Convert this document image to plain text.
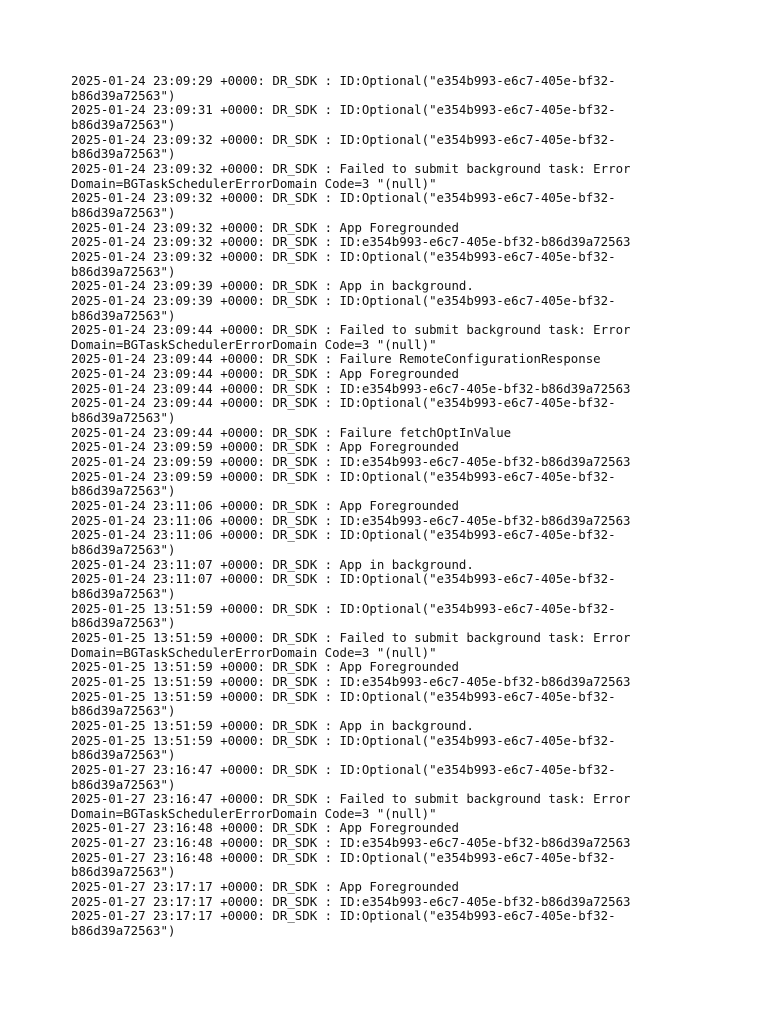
2025-01-24 23:09:29 +0000: DR_SDK : ID:Optional("e354b993-e6c7-405e-bf32-
b86d39a72563")
2025-01-24 23:09:31 +0000: DR_SDK : ID:Optional("e354b993-e6c7-405e-bf32-
b86d39a72563")
2025-01-24 23:09:32 +0000: DR_SDK : ID:Optional("e354b993-e6c7-405e-bf32-
b86d39a72563")
2025-01-24 23:09:32 +0000: DR_SDK : Failed to submit background task: Error
Domain=BGTaskSchedulerErrorDomain Code=3 "(null)"
2025-01-24 23:09:32 +0000: DR_SDK : ID:Optional("e354b993-e6c7-405e-bf32-
b86d39a72563")
2025-01-24 23:09:32 +0000: DR_SDK : App Foregrounded
2025-01-24 23:09:32 +0000: DR_SDK : ID:e354b993-e6c7-405e-bf32-b86d39a72563
2025-01-24 23:09:32 +0000: DR_SDK : ID:Optional("e354b993-e6c7-405e-bf32-
b86d39a72563")
2025-01-24 23:09:39 +0000: DR_SDK : App in background.
2025-01-24 23:09:39 +0000: DR_SDK : ID:Optional("e354b993-e6c7-405e-bf32-
b86d39a72563")
2025-01-24 23:09:44 +0000: DR_SDK : Failed to submit background task: Error
Domain=BGTaskSchedulerErrorDomain Code=3 "(null)"
2025-01-24 23:09:44 +0000: DR_SDK : Failure RemoteConfigurationResponse
2025-01-24 23:09:44 +0000: DR_SDK : App Foregrounded
2025-01-24 23:09:44 +0000: DR_SDK : ID:e354b993-e6c7-405e-bf32-b86d39a72563
2025-01-24 23:09:44 +0000: DR_SDK : ID:Optional("e354b993-e6c7-405e-bf32-
b86d39a72563")
2025-01-24 23:09:44 +0000: DR_SDK : Failure fetchOptInValue
2025-01-24 23:09:59 +0000: DR_SDK : App Foregrounded
2025-01-24 23:09:59 +0000: DR_SDK : ID:e354b993-e6c7-405e-bf32-b86d39a72563
2025-01-24 23:09:59 +0000: DR_SDK : ID:Optional("e354b993-e6c7-405e-bf32-
b86d39a72563")
2025-01-24 23:11:06 +0000: DR_SDK : App Foregrounded
2025-01-24 23:11:06 +0000: DR_SDK : ID:e354b993-e6c7-405e-bf32-b86d39a72563
2025-01-24 23:11:06 +0000: DR_SDK : ID:Optional("e354b993-e6c7-405e-bf32-
b86d39a72563")
2025-01-24 23:11:07 +0000: DR_SDK : App in background.
2025-01-24 23:11:07 +0000: DR_SDK : ID:Optional("e354b993-e6c7-405e-bf32-
b86d39a72563")
2025-01-25 13:51:59 +0000: DR_SDK : ID:Optional("e354b993-e6c7-405e-bf32-
b86d39a72563")
2025-01-25 13:51:59 +0000: DR_SDK : Failed to submit background task: Error
Domain=BGTaskSchedulerErrorDomain Code=3 "(null)"
2025-01-25 13:51:59 +0000: DR_SDK : App Foregrounded
2025-01-25 13:51:59 +0000: DR_SDK : ID:e354b993-e6c7-405e-bf32-b86d39a72563
2025-01-25 13:51:59 +0000: DR_SDK : ID:Optional("e354b993-e6c7-405e-bf32-
b86d39a72563")
2025-01-25 13:51:59 +0000: DR_SDK : App in background.
2025-01-25 13:51:59 +0000: DR_SDK : ID:Optional("e354b993-e6c7-405e-bf32-
b86d39a72563")
2025-01-27 23:16:47 +0000: DR_SDK : ID:Optional("e354b993-e6c7-405e-bf32-
b86d39a72563")
2025-01-27 23:16:47 +0000: DR_SDK : Failed to submit background task: Error
Domain=BGTaskSchedulerErrorDomain Code=3 "(null)"
2025-01-27 23:16:48 +0000: DR_SDK : App Foregrounded
2025-01-27 23:16:48 +0000: DR_SDK : ID:e354b993-e6c7-405e-bf32-b86d39a72563
2025-01-27 23:16:48 +0000: DR_SDK : ID:Optional("e354b993-e6c7-405e-bf32-
b86d39a72563")
2025-01-27 23:17:17 +0000: DR_SDK : App Foregrounded
2025-01-27 23:17:17 +0000: DR_SDK : ID:e354b993-e6c7-405e-bf32-b86d39a72563
2025-01-27 23:17:17 +0000: DR_SDK : ID:Optional("e354b993-e6c7-405e-bf32-
b86d39a72563")
